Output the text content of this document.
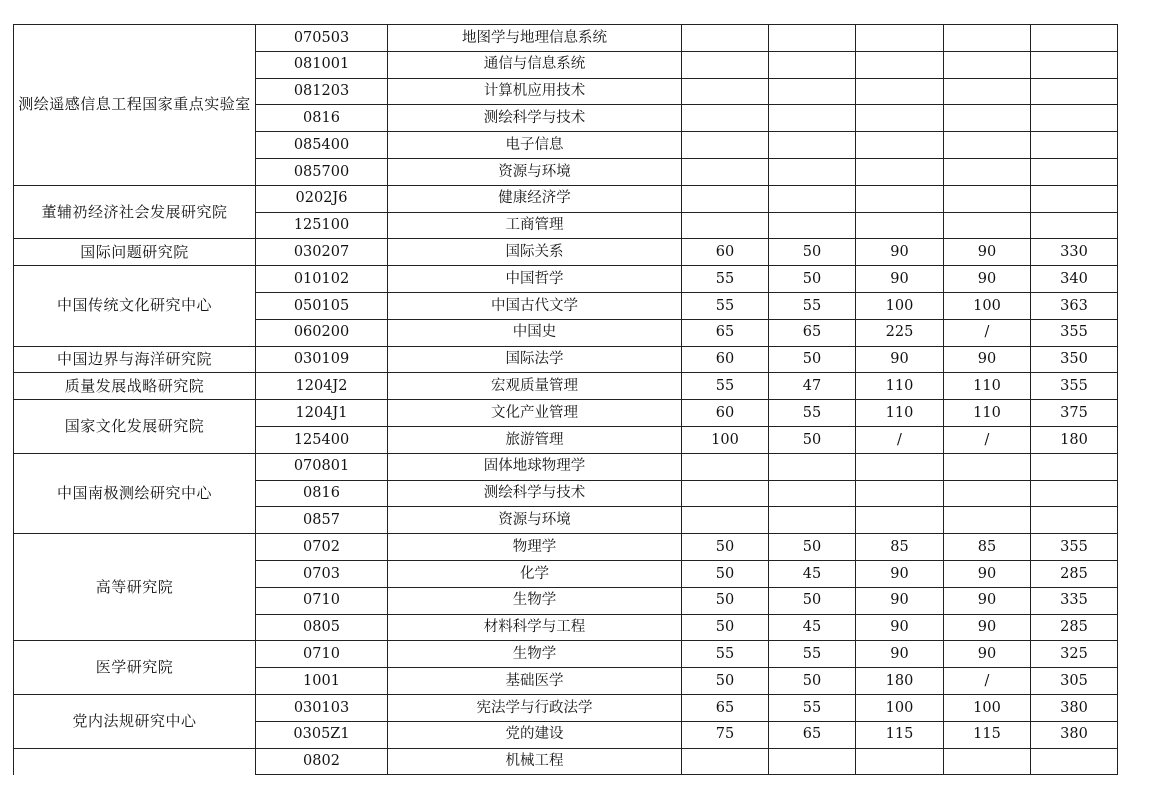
测绘遥感信息工程国家重点实验室	070503	地图学与地理信息系统					
	081001	通信与信息系统					
	081203	计算机应用技术					
	0816	测绘科学与技术					
	085400	电子信息					
	085700	资源与环境					
董辅礽经济社会发展研究院	0202J6	健康经济学					
	125100	工商管理					
国际问题研究院	030207	国际关系	60	50	90	90	330
中国传统文化研究中心	010102	中国哲学	55	50	90	90	340
	050105	中国古代文学	55	55	100	100	363
	060200	中国史	65	65	225	/	355
中国边界与海洋研究院	030109	国际法学	60	50	90	90	350
质量发展战略研究院	1204J2	宏观质量管理	55	47	110	110	355
国家文化发展研究院	1204J1	文化产业管理	60	55	110	110	375
	125400	旅游管理	100	50	/	/	180
中国南极测绘研究中心	070801	固体地球物理学					
	0816	测绘科学与技术					
	0857	资源与环境					
高等研究院	0702	物理学	50	50	85	85	355
	0703	化学	50	45	90	90	285
	0710	生物学	50	50	90	90	335
	0805	材料科学与工程	50	45	90	90	285
医学研究院	0710	生物学	55	55	90	90	325
	1001	基础医学	50	50	180	/	305
党内法规研究中心	030103	宪法学与行政法学	65	55	100	100	380
	0305Z1	党的建设	75	65	115	115	380
	0802	机械工程					
